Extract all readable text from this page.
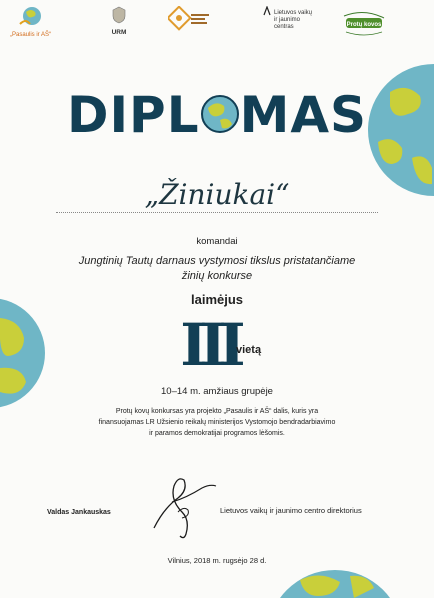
„Pasaulis ir AŠ“	URM
Lietuvos vaikų ir jaunimo centras	Protų kovos
DIPL MAS
„Žiniukai“
komandai
Jungtinių Tautų darnaus vystymosi tikslus pristatančiame
žinių konkurse
laimėjus
III
vietą
10–14 m. amžiaus grupėje
Protų kovų konkursas yra projekto „Pasaulis ir AŠ“ dalis, kuris yra
finansuojamas LR Užsienio reikalų ministerijos Vystomojo bendradarbiavimo
ir paramos demokratijai programos lėšomis.
Valdas Jankauskas	Lietuvos vaikų ir jaunimo centro direktorius
Vilnius, 2018 m. rugsėjo 28 d.
